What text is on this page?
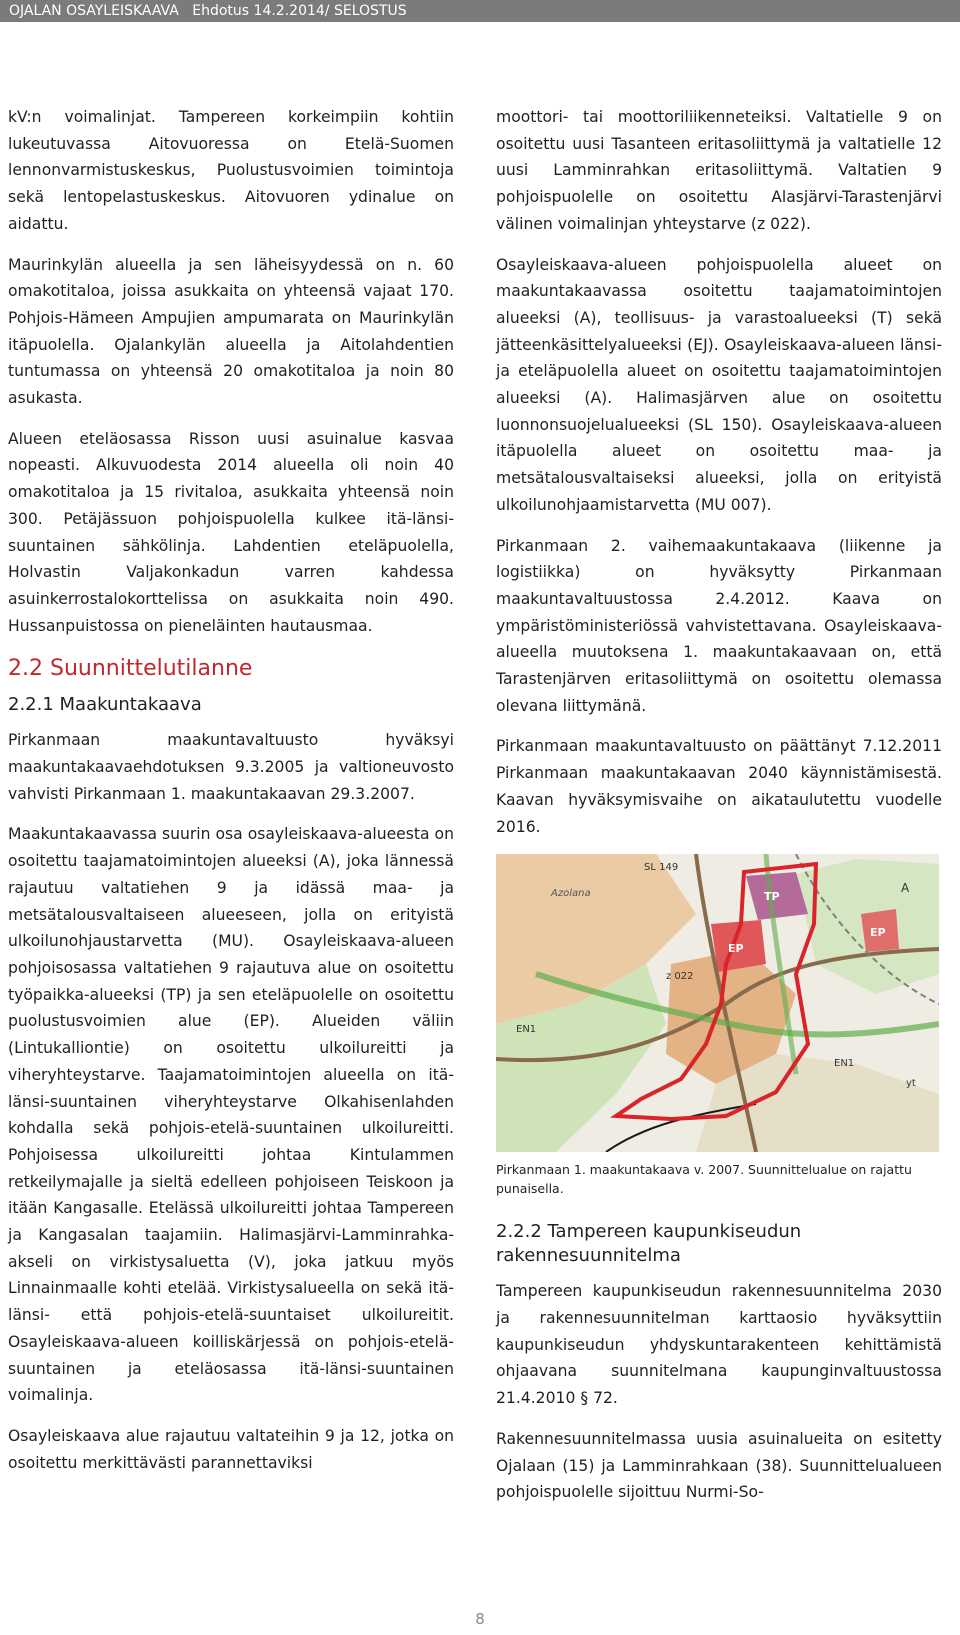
OJALAN OSAYLEISKAAVA Ehdotus 14.2.2014/ SELOSTUS

kV:n voimalinjat. Tampereen korkeimpiin kohtiin lukeutuvassa Aitovuoressa on Etelä-Suomen lennonvarmistuskeskus, Puolustusvoimien toimintoja sekä lentopelastuskeskus. Aitovuoren ydinalue on aidattu.

Maurinkylän alueella ja sen läheisyydessä on n. 60 omakotitaloa, joissa asukkaita on yhteensä vajaat 170. Pohjois-Hämeen Ampujien ampumarata on Maurinkylän itäpuolella. Ojalankylän alueella ja Aitolahdentien tuntumassa on yhteensä 20 omakotitaloa ja noin 80 asukasta.

Alueen eteläosassa Risson uusi asuinalue kasvaa nopeasti. Alkuvuodesta 2014 alueella oli noin 40 omakotitaloa ja 15 rivitaloa, asukkaita yhteensä noin 300. Petäjässuon pohjoispuolella kulkee itä-länsi-suuntainen sähkölinja. Lahdentien eteläpuolella, Holvastin Valjakonkadun varren kahdessa asuinkerrostalokorttelissa on asukkaita noin 490. Hussanpuistossa on pieneläinten hautausmaa.

2.2 Suunnittelutilanne
2.2.1 Maakuntakaava

Pirkanmaan maakuntavaltuusto hyväksyi maakuntakaavaehdotuksen 9.3.2005 ja valtioneuvosto vahvisti Pirkanmaan 1. maakuntakaavan 29.3.2007.

Maakuntakaavassa suurin osa osayleiskaava-alueesta on osoitettu taajamatoimintojen alueeksi (A), joka lännessä rajautuu valtatiehen 9 ja idässä maa- ja metsätalousvaltaiseen alueeseen, jolla on erityistä ulkoilunohjaustarvetta (MU). Osayleiskaava-alueen pohjoisosassa valtatiehen 9 rajautuva alue on osoitettu työpaikka-alueeksi (TP) ja sen eteläpuolelle on osoitettu puolustusvoimien alue (EP). Alueiden väliin (Lintukalliontie) on osoitettu ulkoilureitti ja viheryhteystarve. Taajamatoimintojen alueella on itä-länsi-suuntainen viheryhteystarve Olkahisenlahden kohdalla sekä pohjois-etelä-suuntainen ulkoilureitti. Pohjoisessa ulkoilureitti johtaa Kintulammen retkeilymajalle ja sieltä edelleen pohjoiseen Teiskoon ja itään Kangasalle. Etelässä ulkoilureitti johtaa Tampereen ja Kangasalan taajamiin. Halimasjärvi-Lamminrahka-akseli on virkistysaluetta (V), joka jatkuu myös Linnainmaalle kohti etelää. Virkistysalueella on sekä itä-länsi- että pohjois-etelä-suuntaiset ulkoilureitit. Osayleiskaava-alueen koilliskärjessä on pohjois-etelä-suuntainen ja eteläosassa itä-länsi-suuntainen voimalinja.

Osayleiskaava alue rajautuu valtateihin 9 ja 12, jotka on osoitettu merkittävästi parannettaviksi

moottori- tai moottoriliikenneteiksi. Valtatielle 9 on osoitettu uusi Tasanteen eritasoliittymä ja valtatielle 12 uusi Lamminrahkan eritasoliittymä. Valtatien 9 pohjoispuolelle on osoitettu Alasjärvi-Tarastenjärvi välinen voimalinjan yhteystarve (z 022).

Osayleiskaava-alueen pohjoispuolella alueet on maakuntakaavassa osoitettu taajamatoimintojen alueeksi (A), teollisuus- ja varastoalueeksi (T) sekä jätteenkäsittelyalueeksi (EJ). Osayleiskaava-alueen länsi- ja eteläpuolella alueet on osoitettu taajamatoimintojen alueeksi (A). Halimasjärven alue on osoitettu luonnonsuojelualueeksi (SL 150). Osayleiskaava-alueen itäpuolella alueet on osoitettu maa- ja metsätalousvaltaiseksi alueeksi, jolla on erityistä ulkoilunohjaamistarvetta (MU 007).

Pirkanmaan 2. vaihemaakuntakaava (liikenne ja logistiikka) on hyväksytty Pirkanmaan maakuntavaltuustossa 2.4.2012. Kaava on ympäristöministeriössä vahvistettavana. Osayleiskaava-alueella muutoksena 1. maakuntakaavaan on, että Tarastenjärven eritasoliittymä on osoitettu olemassa olevana liittymänä.

Pirkanmaan maakuntavaltuusto on päättänyt 7.12.2011 Pirkanmaan maakuntakaavan 2040 käynnistämisestä. Kaavan hyväksymisvaihe on aikataulutettu vuodelle 2016.

SL 149
Azolana	TP
EP
EP
z 022
EN1
EN1
yt
A
Pirkanmaan 1. maakuntakaava v. 2007. Suunnittelualue on rajattu punaisella.
2.2.2 Tampereen kaupunkiseudun rakennesuunnitelma

Tampereen kaupunkiseudun rakennesuunnitelma 2030 ja rakennesuunnitelman karttaosio hyväksyttiin kaupunkiseudun yhdyskuntarakenteen kehittämistä ohjaavana suunnitelmana kaupunginvaltuustossa 21.4.2010 § 72.

Rakennesuunnitelmassa uusia asuinalueita on esitetty Ojalaan (15) ja Lamminrahkaan (38). Suunnittelualueen pohjoispuolelle sijoittuu Nurmi-So-

8
